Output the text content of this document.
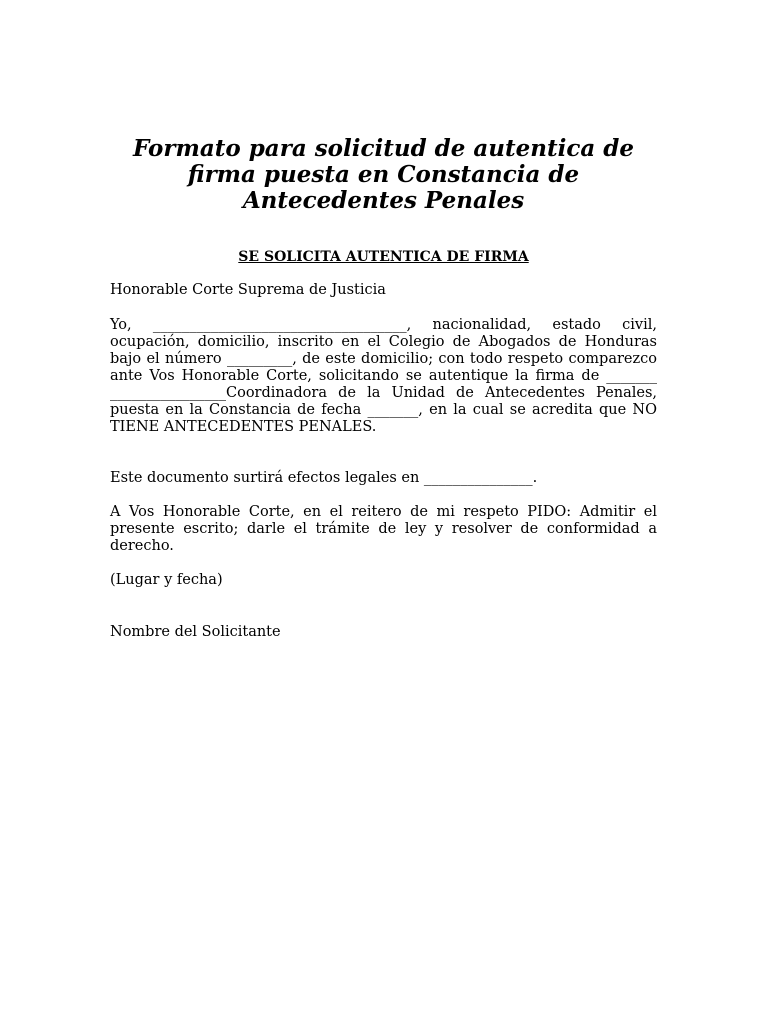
Formato para solicitud de autentica de firma puesta en Constancia de Antecedentes Penales
SE SOLICITA AUTENTICA DE FIRMA

Honorable Corte Suprema de Justicia

Yo, ___________________________________, nacionalidad, estado civil, ocupación, domicilio, inscrito en el Colegio de Abogados de Honduras bajo el número _________, de este domicilio; con todo respeto comparezco ante Vos Honorable Corte, solicitando se autentique la firma de _______ ________________Coordinadora de la Unidad de Antecedentes Penales, puesta en la Constancia de fecha _______, en la cual se acredita que NO TIENE ANTECEDENTES PENALES.

Este documento surtirá efectos legales en _______________.

A Vos Honorable Corte, en el reitero de mi respeto PIDO: Admitir el presente escrito; darle el trámite de ley y resolver de conformidad a derecho.

(Lugar y fecha)

Nombre del Solicitante
